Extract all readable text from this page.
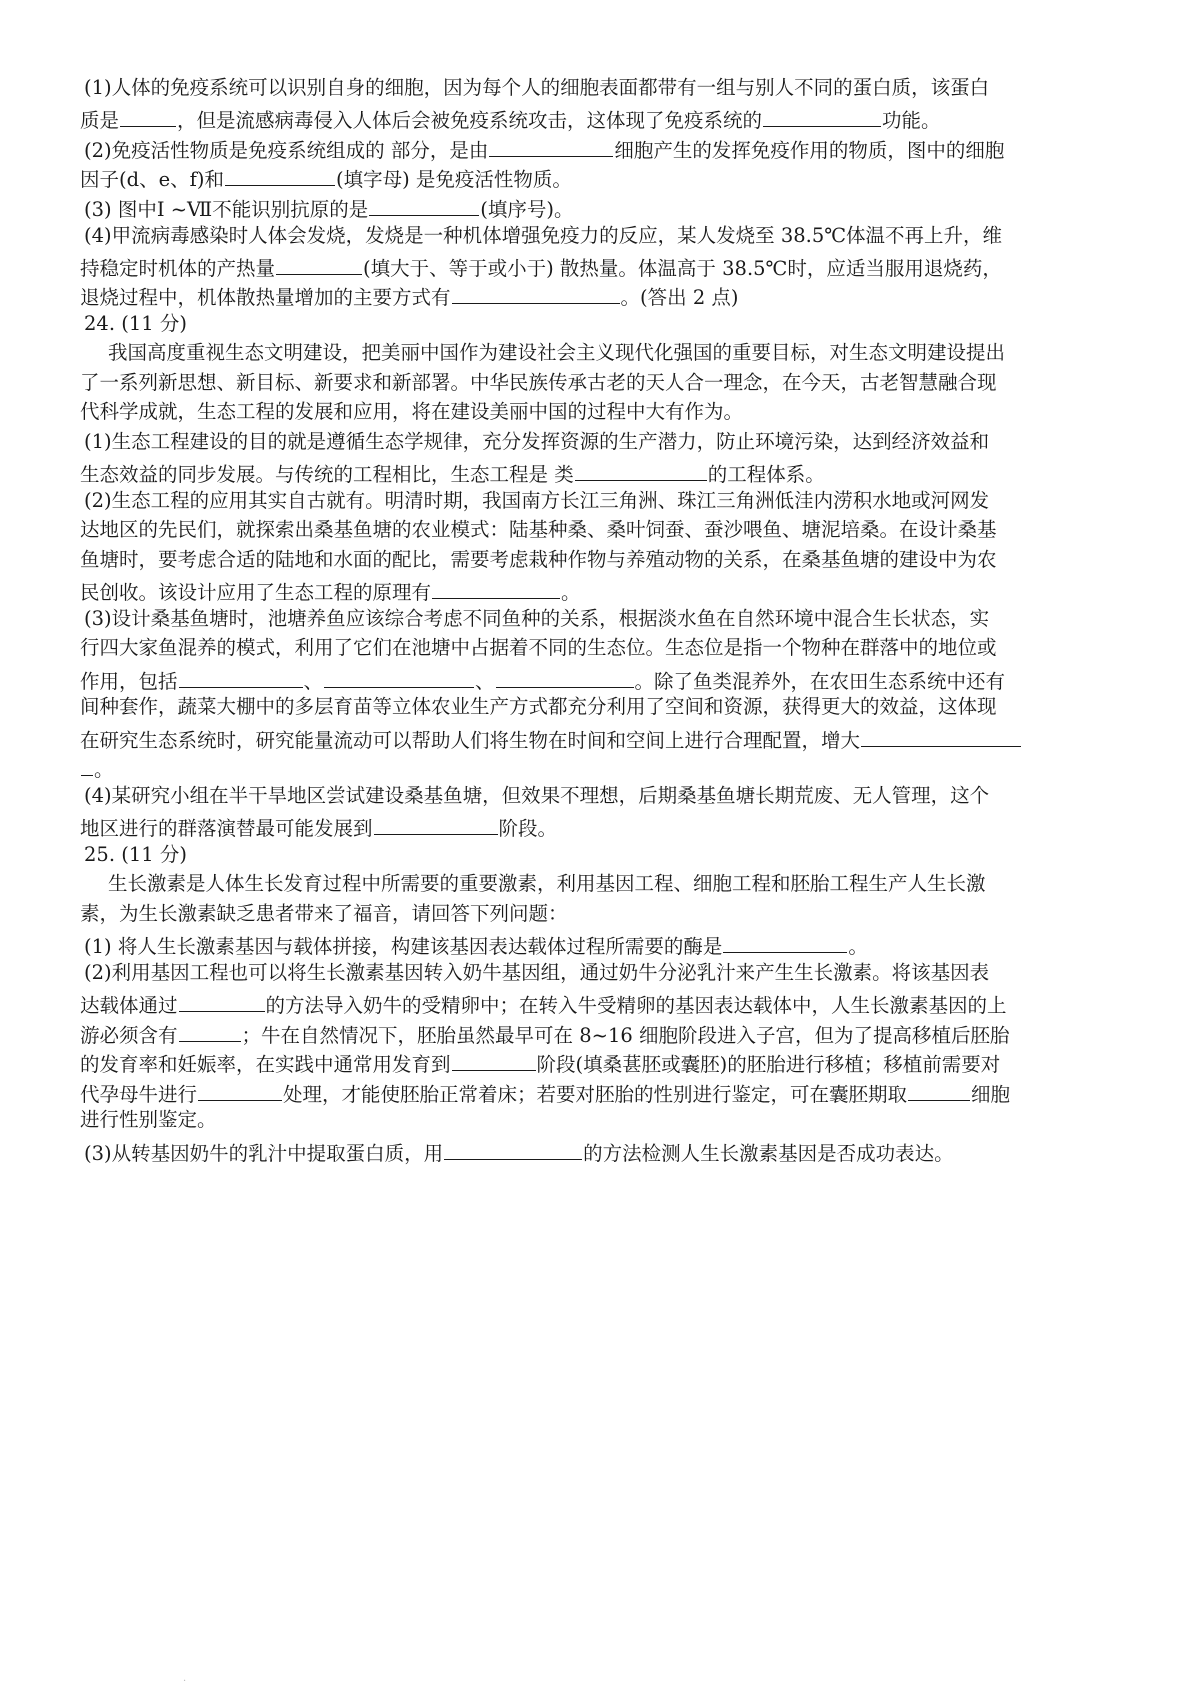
(1)人体的免疫系统可以识别自身的细胞，因为每个人的细胞表面都带有一组与别人不同的蛋白质，该蛋白
质是	，但是流感病毒侵入人体后会被免疫系统攻击，这体现了免疫系统的	功能。
(2)免疫活性物质是免疫系统组成的 部分，是由	细胞产生的发挥免疫作用的物质，图中的细胞
因子(d、e、f)和	(填字母) 是免疫活性物质。
(3) 图中Ⅰ ~Ⅶ不能识别抗原的是	(填序号)。
(4)甲流病毒感染时人体会发烧，发烧是一种机体增强免疫力的反应，某人发烧至 38.5℃体温不再上升，维
持稳定时机体的产热量	(填大于、等于或小于) 散热量。体温高于 38.5℃时，应适当服用退烧药，
退烧过程中，机体散热量增加的主要方式有	。(答出 2 点)
24. (11 分)
我国高度重视生态文明建设，把美丽中国作为建设社会主义现代化强国的重要目标，对生态文明建设提出
了一系列新思想、新目标、新要求和新部署。中华民族传承古老的天人合一理念，在今天，古老智慧融合现
代科学成就，生态工程的发展和应用，将在建设美丽中国的过程中大有作为。
(1)生态工程建设的目的就是遵循生态学规律，充分发挥资源的生产潜力，防止环境污染，达到经济效益和
生态效益的同步发展。与传统的工程相比，生态工程是 类	的工程体系。
(2)生态工程的应用其实自古就有。明清时期，我国南方长江三角洲、珠江三角洲低洼内涝积水地或河网发
达地区的先民们，就探索出桑基鱼塘的农业模式：陆基种桑、桑叶饲蚕、蚕沙喂鱼、塘泥培桑。在设计桑基
鱼塘时，要考虑合适的陆地和水面的配比，需要考虑栽种作物与养殖动物的关系，在桑基鱼塘的建设中为农
民创收。该设计应用了生态工程的原理有	。
(3)设计桑基鱼塘时，池塘养鱼应该综合考虑不同鱼种的关系，根据淡水鱼在自然环境中混合生长状态，实
行四大家鱼混养的模式，利用了它们在池塘中占据着不同的生态位。生态位是指一个物种在群落中的地位或
作用，包括	、	、	。除了鱼类混养外，在农田生态系统中还有
间种套作，蔬菜大棚中的多层育苗等立体农业生产方式都充分利用了空间和资源，获得更大的效益，这体现
在研究生态系统时，研究能量流动可以帮助人们将生物在时间和空间上进行合理配置，增大
。
(4)某研究小组在半干旱地区尝试建设桑基鱼塘，但效果不理想，后期桑基鱼塘长期荒废、无人管理，这个
地区进行的群落演替最可能发展到	阶段。
25. (11 分)
生长激素是人体生长发育过程中所需要的重要激素，利用基因工程、细胞工程和胚胎工程生产人生长激
素，为生长激素缺乏患者带来了福音，请回答下列问题：
(1) 将人生长激素基因与载体拼接，构建该基因表达载体过程所需要的酶是	。
(2)利用基因工程也可以将生长激素基因转入奶牛基因组，通过奶牛分泌乳汁来产生生长激素。将该基因表
达载体通过	的方法导入奶牛的受精卵中；在转入牛受精卵的基因表达载体中，人生长激素基因的上
游必须含有	；牛在自然情况下，胚胎虽然最早可在 8~16 细胞阶段进入子宫，但为了提高移植后胚胎
的发育率和妊娠率，在实践中通常用发育到	阶段(填桑葚胚或囊胚)的胚胎进行移植；移植前需要对
代孕母牛进行	处理，才能使胚胎正常着床；若要对胚胎的性别进行鉴定，可在囊胚期取	细胞
进行性别鉴定。
(3)从转基因奶牛的乳汁中提取蛋白质，用	的方法检测人生长激素基因是否成功表达。
·
